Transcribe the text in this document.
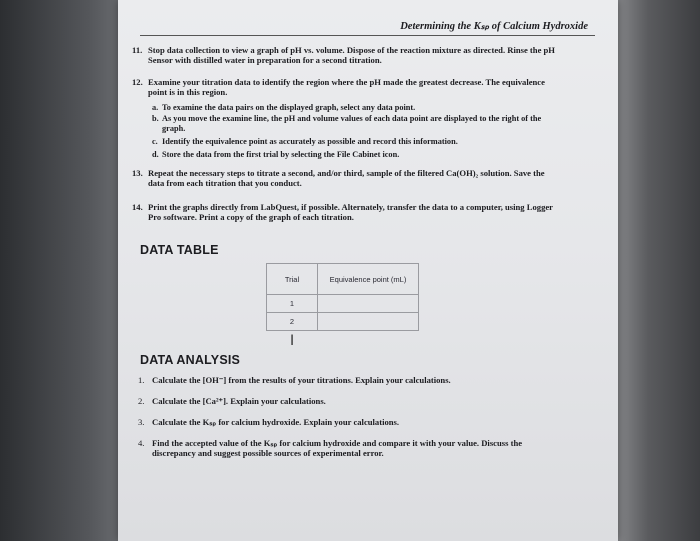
Determining the Kₛₚ of Calcium Hydroxide
11. Stop data collection to view a graph of pH vs. volume. Dispose of the reaction mixture as directed. Rinse the pH Sensor with distilled water in preparation for a second titration.
12. Examine your titration data to identify the region where the pH made the greatest decrease. The equivalence point is in this region.
a. To examine the data pairs on the displayed graph, select any data point.
b. As you move the examine line, the pH and volume values of each data point are displayed to the right of the graph.
c. Identify the equivalence point as accurately as possible and record this information.
d. Store the data from the first trial by selecting the File Cabinet icon.
13. Repeat the necessary steps to titrate a second, and/or third, sample of the filtered Ca(OH)₂ solution. Save the data from each titration that you conduct.
14. Print the graphs directly from LabQuest, if possible. Alternately, transfer the data to a computer, using Logger Pro software. Print a copy of the graph of each titration.
DATA TABLE
Trial	Equivalence point (mL)
1	
2	
I
DATA ANALYSIS
1. Calculate the [OH⁻] from the results of your titrations. Explain your calculations.
2. Calculate the [Ca²⁺]. Explain your calculations.
3. Calculate the Kₛₚ for calcium hydroxide. Explain your calculations.
4. Find the accepted value of the Kₛₚ for calcium hydroxide and compare it with your value. Discuss the discrepancy and suggest possible sources of experimental error.
